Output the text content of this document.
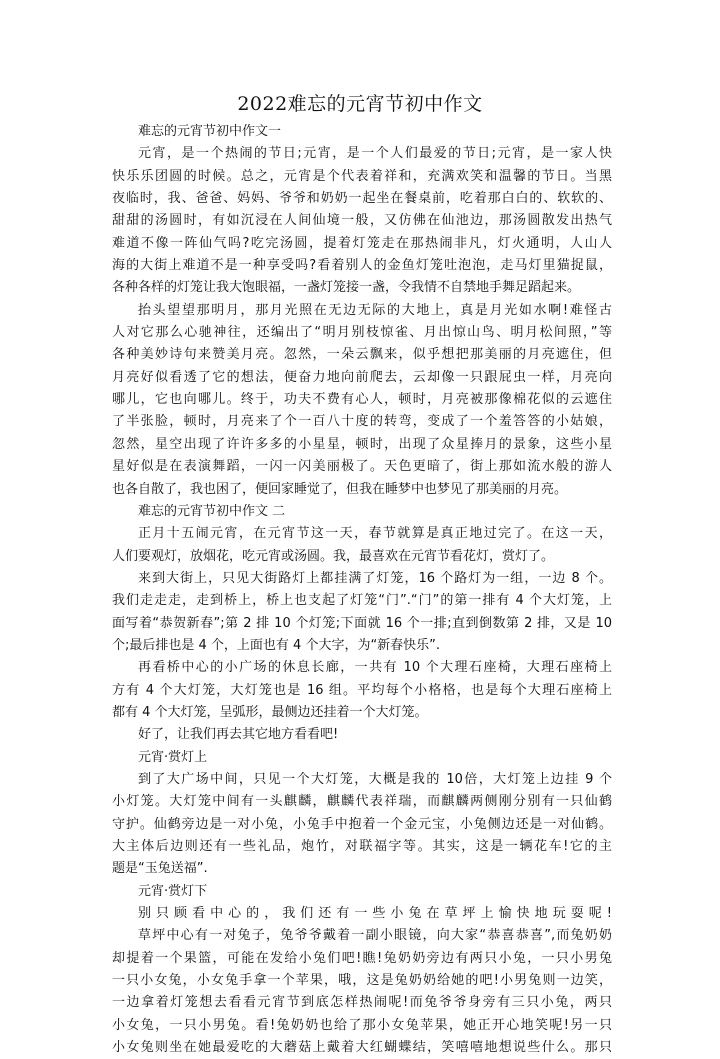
2022难忘的元宵节初中作文
难忘的元宵节初中作文一
元宵，是一个热闹的节日;元宵，是一个人们最爱的节日;元宵，是一家人快
快乐乐团圆的时候。总之，元宵是个代表着祥和，充满欢笑和温馨的节日。当黑
夜临时，我、爸爸、妈妈、爷爷和奶奶一起坐在餐桌前，吃着那白白的、软软的、
甜甜的汤圆时，有如沉浸在人间仙境一般，又仿佛在仙池边，那汤圆散发出热气
难道不像一阵仙气吗?吃完汤圆，提着灯笼走在那热闹非凡，灯火通明，人山人
海的大街上难道不是一种享受吗?看着别人的金鱼灯笼吐泡泡，走马灯里猫捉鼠，
各种各样的灯笼让我大饱眼福，一盏灯笼接一盏，令我情不自禁地手舞足蹈起来。
抬头望望那明月，那月光照在无边无际的大地上，真是月光如水啊!难怪古
人对它那么心驰神往，还编出了“明月别枝惊雀、月出惊山鸟、明月松间照，”等
各种美妙诗句来赞美月亮。忽然，一朵云飘来，似乎想把那美丽的月亮遮住，但
月亮好似看透了它的想法，便奋力地向前爬去，云却像一只跟屁虫一样，月亮向
哪儿，它也向哪儿。终于，功夫不费有心人，顿时，月亮被那像棉花似的云遮住
了半张脸，顿时，月亮来了个一百八十度的转弯，变成了一个羞答答的小姑娘，
忽然，星空出现了许许多多的小星星，顿时，出现了众星捧月的景象，这些小星
星好似是在表演舞蹈，一闪一闪美丽极了。天色更暗了，街上那如流水般的游人
也各自散了，我也困了，便回家睡觉了，但我在睡梦中也梦见了那美丽的月亮。
难忘的元宵节初中作文 二
正月十五闹元宵，在元宵节这一天，春节就算是真正地过完了。在这一天，
人们要观灯，放烟花，吃元宵或汤圆。我，最喜欢在元宵节看花灯，赏灯了。
来到大街上，只见大街路灯上都挂满了灯笼，16 个路灯为一组，一边 8 个。
我们走走走，走到桥上，桥上也支起了灯笼“门”.“门”的第一排有 4 个大灯笼，上
面写着“恭贺新春”;第 2 排 10 个灯笼;下面就 16 个一排;直到倒数第 2 排，又是 10
个;最后排也是 4 个，上面也有 4 个大字，为“新春快乐”.
再看桥中心的小广场的休息长廊，一共有 10 个大理石座椅，大理石座椅上
方有 4 个大灯笼，大灯笼也是 16 组。平均每个小格格，也是每个大理石座椅上
都有 4 个大灯笼，呈弧形，最侧边还挂着一个大灯笼。
好了，让我们再去其它地方看看吧!
元宵·赏灯上
到了大广场中间，只见一个大灯笼，大概是我的 10倍，大灯笼上边挂 9 个
小灯笼。大灯笼中间有一头麒麟，麒麟代表祥瑞，而麒麟两侧刚分别有一只仙鹤
守护。仙鹤旁边是一对小兔，小兔手中抱着一个金元宝，小兔侧边还是一对仙鹤。
大主体后边则还有一些礼品，炮竹，对联福字等。其实，这是一辆花车!它的主
题是“玉兔送福”.
元宵·赏灯下
别只顾看中心的，我们还有一些小兔在草坪上愉快地玩耍呢!
草坪中心有一对兔子，兔爷爷戴着一副小眼镜，向大家“恭喜恭喜”,而兔奶奶
却提着一个果篮，可能在发给小兔们吧!瞧!兔奶奶旁边有两只小兔，一只小男兔
一只小女兔，小女兔手拿一个苹果，哦，这是兔奶奶给她的吧!小男兔则一边笑，
一边拿着灯笼想去看看元宵节到底怎样热闹呢!而兔爷爷身旁有三只小兔，两只
小女兔，一只小男兔。看!兔奶奶也给了那小女兔苹果，她正开心地笑呢!另一只
小女兔则坐在她最爱吃的大蘑菇上戴着大红蝴蝶结，笑嘻嘻地想说些什么。那只
